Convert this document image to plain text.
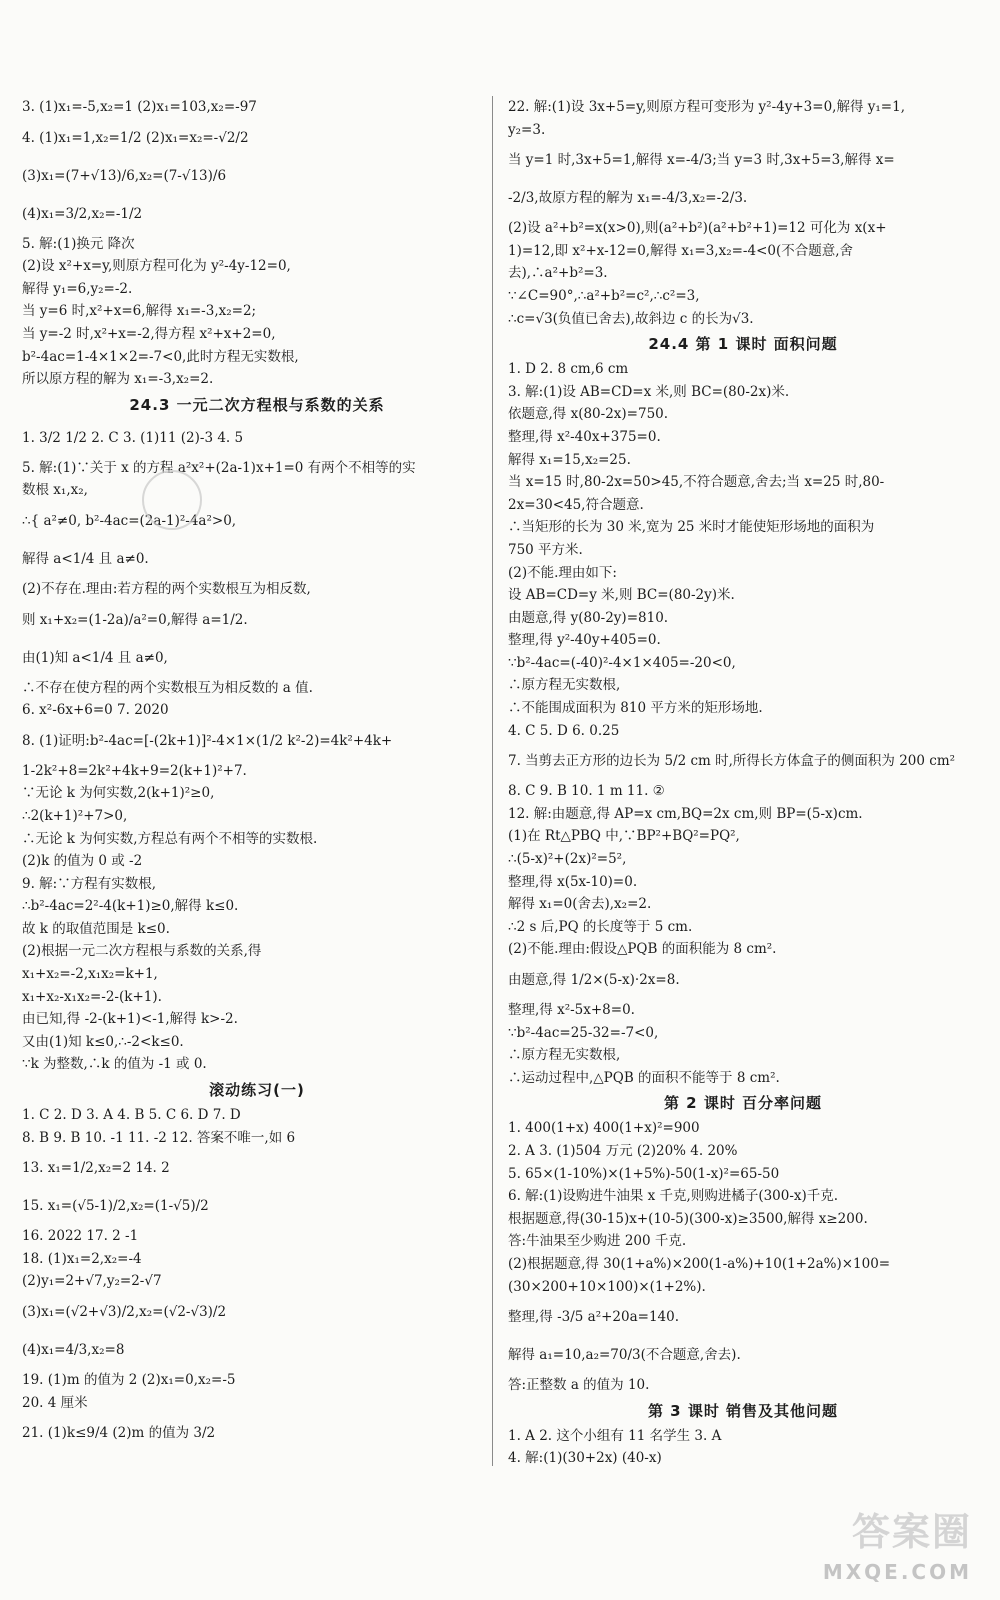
3. (1)x₁=-5,x₂=1 (2)x₁=103,x₂=-97
4. (1)x₁=1,x₂=1/2 (2)x₁=x₂=-√2/2
(3)x₁=(7+√13)/6,x₂=(7-√13)/6
(4)x₁=3/2,x₂=-1/2
5. 解:(1)换元 降次
(2)设 x²+x=y,则原方程可化为 y²-4y-12=0,
解得 y₁=6,y₂=-2.
当 y=6 时,x²+x=6,解得 x₁=-3,x₂=2;
当 y=-2 时,x²+x=-2,得方程 x²+x+2=0,
b²-4ac=1-4×1×2=-7<0,此时方程无实数根,
所以原方程的解为 x₁=-3,x₂=2.
24.3 一元二次方程根与系数的关系
1. 3/2 1/2 2. C 3. (1)11 (2)-3 4. 5
5. 解:(1)∵关于 x 的方程 a²x²+(2a-1)x+1=0 有两个不相等的实
数根 x₁,x₂,
∴{ a²≠0, b²-4ac=(2a-1)²-4a²>0,
解得 a<1/4 且 a≠0.
(2)不存在.理由:若方程的两个实数根互为相反数,
则 x₁+x₂=(1-2a)/a²=0,解得 a=1/2.
由(1)知 a<1/4 且 a≠0,
∴不存在使方程的两个实数根互为相反数的 a 值.
6. x²-6x+6=0 7. 2020
8. (1)证明:b²-4ac=[-(2k+1)]²-4×1×(1/2 k²-2)=4k²+4k+
1-2k²+8=2k²+4k+9=2(k+1)²+7.
∵无论 k 为何实数,2(k+1)²≥0,
∴2(k+1)²+7>0,
∴无论 k 为何实数,方程总有两个不相等的实数根.
(2)k 的值为 0 或 -2
9. 解:∵方程有实数根,
∴b²-4ac=2²-4(k+1)≥0,解得 k≤0.
故 k 的取值范围是 k≤0.
(2)根据一元二次方程根与系数的关系,得
x₁+x₂=-2,x₁x₂=k+1,
x₁+x₂-x₁x₂=-2-(k+1).
由已知,得 -2-(k+1)<-1,解得 k>-2.
又由(1)知 k≤0,∴-2<k≤0.
∵k 为整数,∴k 的值为 -1 或 0.
滚动练习(一)
1. C 2. D 3. A 4. B 5. C 6. D 7. D
8. B 9. B 10. -1 11. -2 12. 答案不唯一,如 6
13. x₁=1/2,x₂=2 14. 2
15. x₁=(√5-1)/2,x₂=(1-√5)/2
16. 2022 17. 2 -1
18. (1)x₁=2,x₂=-4
(2)y₁=2+√7,y₂=2-√7
(3)x₁=(√2+√3)/2,x₂=(√2-√3)/2
(4)x₁=4/3,x₂=8
19. (1)m 的值为 2 (2)x₁=0,x₂=-5
20. 4 厘米
21. (1)k≤9/4 (2)m 的值为 3/2
22. 解:(1)设 3x+5=y,则原方程可变形为 y²-4y+3=0,解得 y₁=1,
y₂=3.
当 y=1 时,3x+5=1,解得 x=-4/3;当 y=3 时,3x+5=3,解得 x=
-2/3,故原方程的解为 x₁=-4/3,x₂=-2/3.
(2)设 a²+b²=x(x>0),则(a²+b²)(a²+b²+1)=12 可化为 x(x+
1)=12,即 x²+x-12=0,解得 x₁=3,x₂=-4<0(不合题意,舍
去),∴a²+b²=3.
∵∠C=90°,∴a²+b²=c²,∴c²=3,
∴c=√3(负值已舍去),故斜边 c 的长为√3.
24.4 第 1 课时 面积问题
1. D 2. 8 cm,6 cm
3. 解:(1)设 AB=CD=x 米,则 BC=(80-2x)米.
依题意,得 x(80-2x)=750.
整理,得 x²-40x+375=0.
解得 x₁=15,x₂=25.
当 x=15 时,80-2x=50>45,不符合题意,舍去;当 x=25 时,80-
2x=30<45,符合题意.
∴当矩形的长为 30 米,宽为 25 米时才能使矩形场地的面积为
750 平方米.
(2)不能.理由如下:
设 AB=CD=y 米,则 BC=(80-2y)米.
由题意,得 y(80-2y)=810.
整理,得 y²-40y+405=0.
∵b²-4ac=(-40)²-4×1×405=-20<0,
∴原方程无实数根,
∴不能围成面积为 810 平方米的矩形场地.
4. C 5. D 6. 0.25
7. 当剪去正方形的边长为 5/2 cm 时,所得长方体盒子的侧面积为 200 cm²
8. C 9. B 10. 1 m 11. ②
12. 解:由题意,得 AP=x cm,BQ=2x cm,则 BP=(5-x)cm.
(1)在 Rt△PBQ 中,∵BP²+BQ²=PQ²,
∴(5-x)²+(2x)²=5²,
整理,得 x(5x-10)=0.
解得 x₁=0(舍去),x₂=2.
∴2 s 后,PQ 的长度等于 5 cm.
(2)不能.理由:假设△PQB 的面积能为 8 cm².
由题意,得 1/2×(5-x)·2x=8.
整理,得 x²-5x+8=0.
∵b²-4ac=25-32=-7<0,
∴原方程无实数根,
∴运动过程中,△PQB 的面积不能等于 8 cm².
第 2 课时 百分率问题
1. 400(1+x) 400(1+x)²=900
2. A 3. (1)504 万元 (2)20% 4. 20%
5. 65×(1-10%)×(1+5%)-50(1-x)²=65-50
6. 解:(1)设购进牛油果 x 千克,则购进橘子(300-x)千克.
根据题意,得(30-15)x+(10-5)(300-x)≥3500,解得 x≥200.
答:牛油果至少购进 200 千克.
(2)根据题意,得 30(1+a%)×200(1-a%)+10(1+2a%)×100=
(30×200+10×100)×(1+2%).
整理,得 -3/5 a²+20a=140.
解得 a₁=10,a₂=70/3(不合题意,舍去).
答:正整数 a 的值为 10.
第 3 课时 销售及其他问题
1. A 2. 这个小组有 11 名学生 3. A
4. 解:(1)(30+2x) (40-x)
答案圈
MXQE.COM
